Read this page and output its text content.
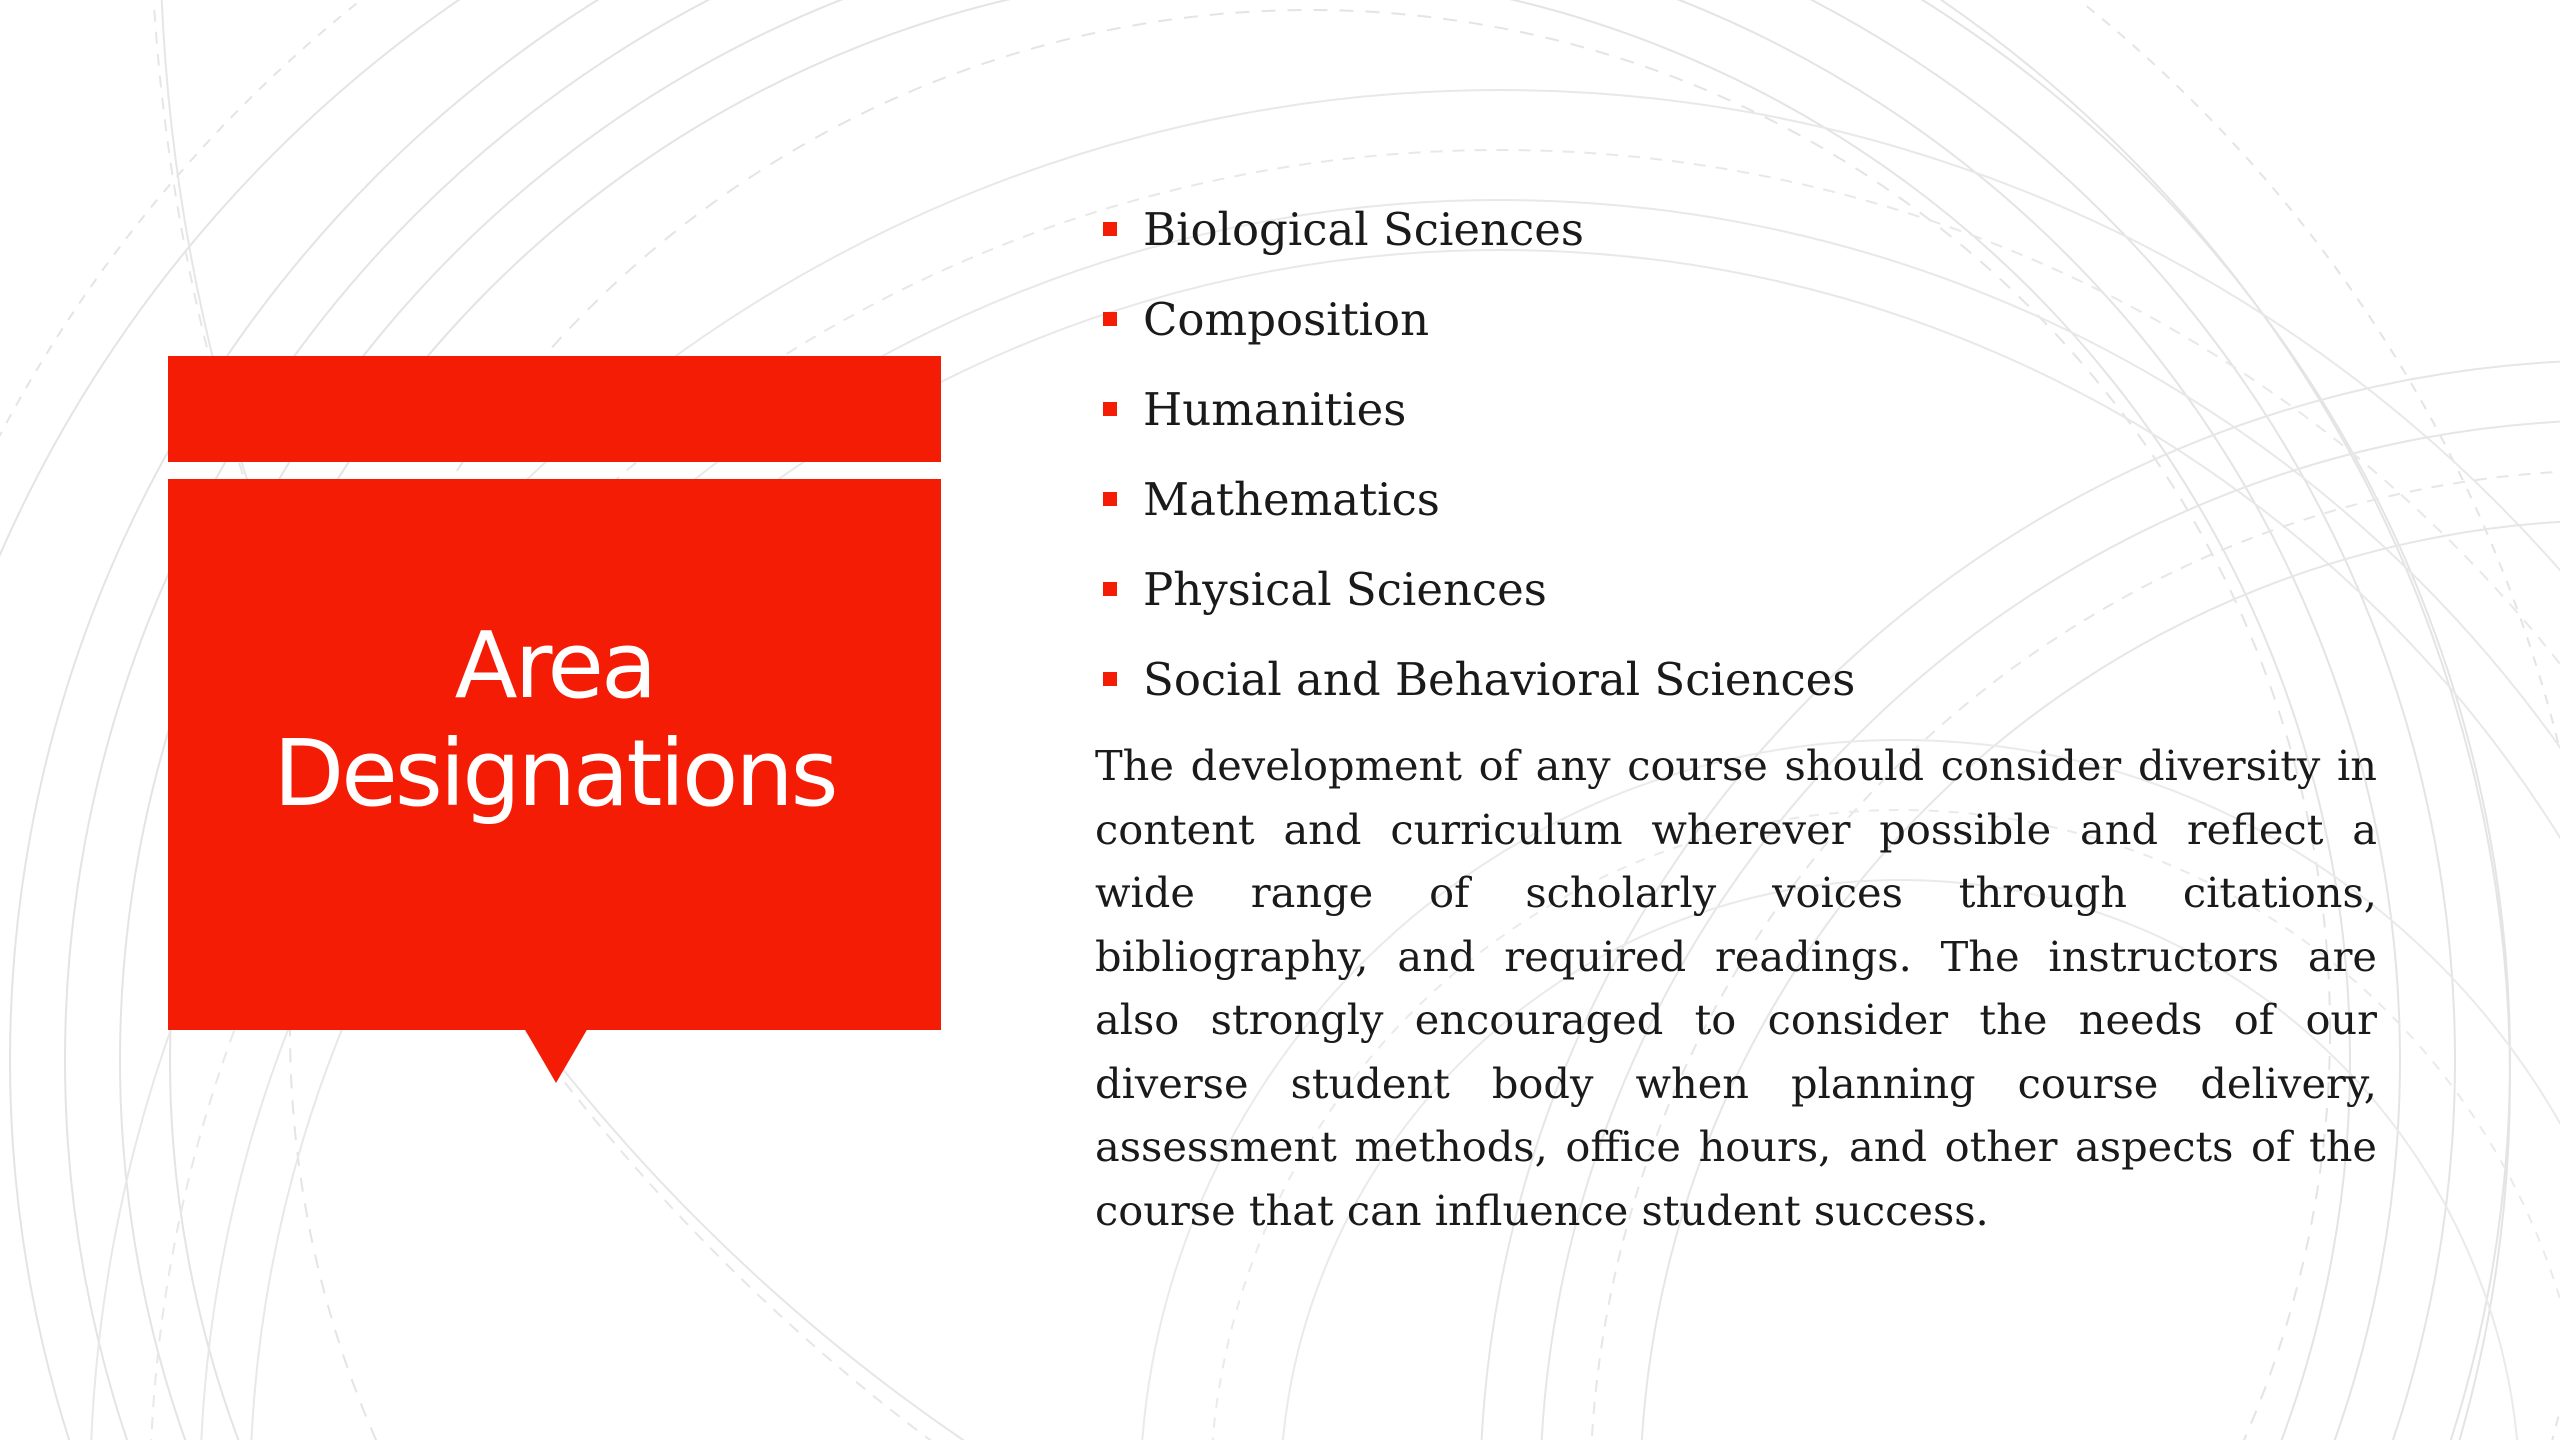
Area
Designations
Biological Sciences
Composition
Humanities
Mathematics
Physical Sciences
Social and Behavioral Sciences

The development of any course should consider diversity in content and curriculum wherever possible and reflect a wide range of scholarly voices through citations, bibliography, and required readings. The instructors are also strongly encouraged to consider the needs of our diverse student body when planning course delivery, assessment methods, office hours, and other aspects of the course that can influence student success.
